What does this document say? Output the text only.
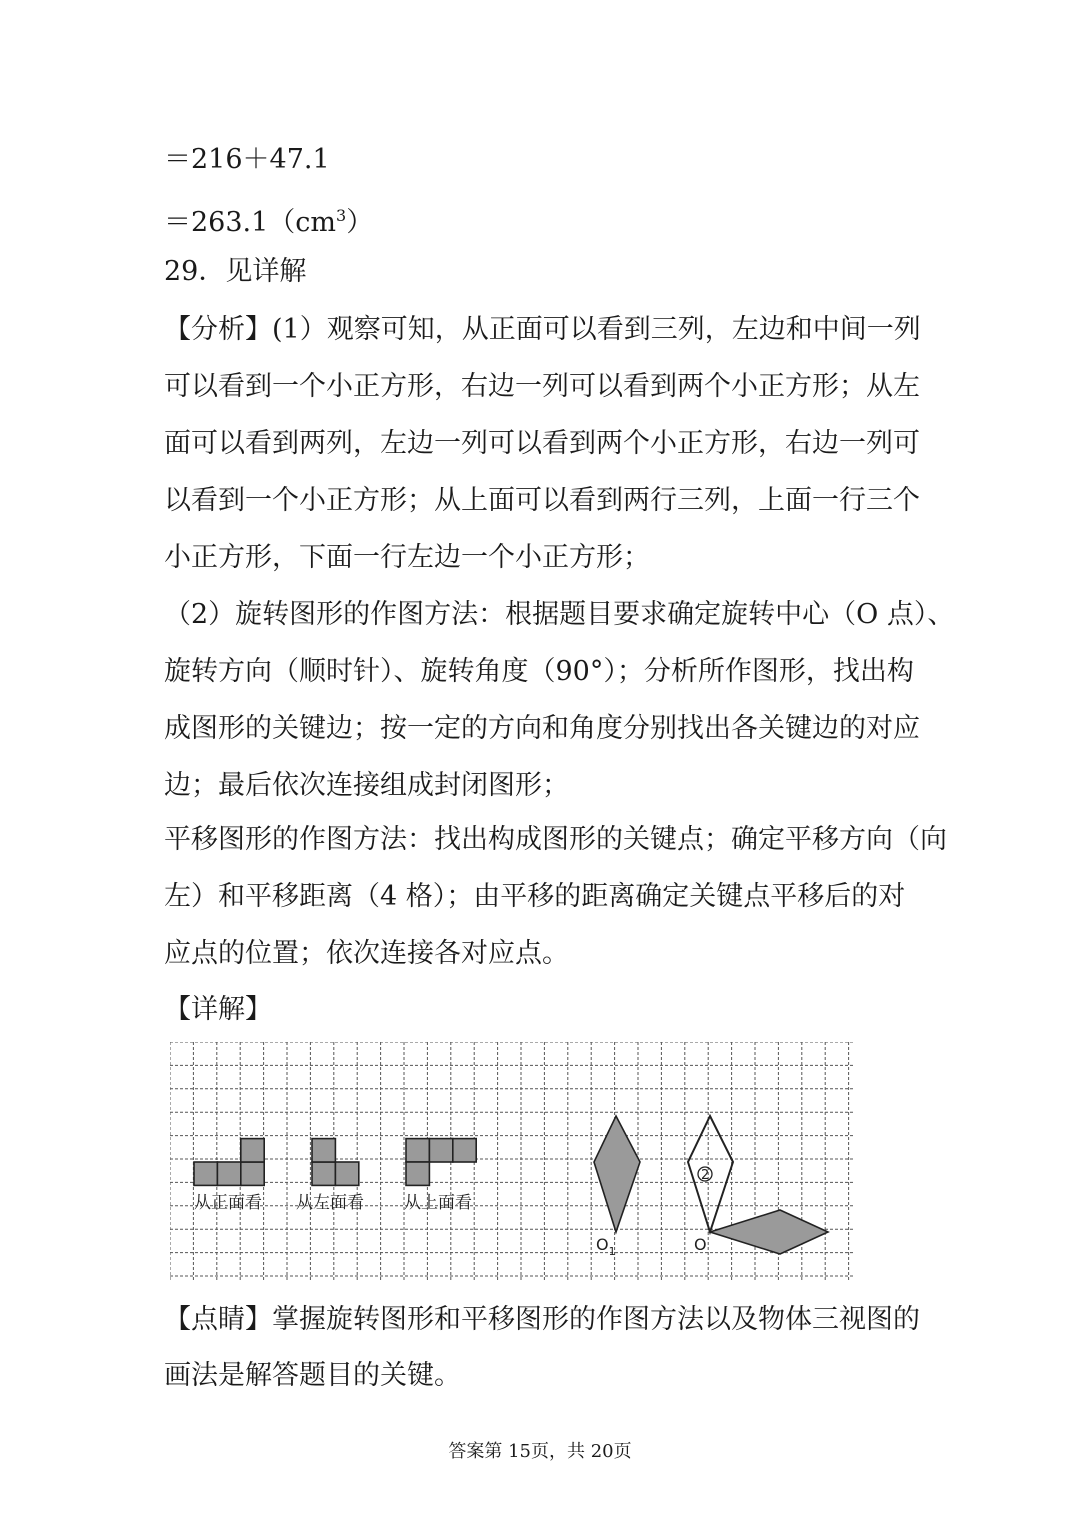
＝216＋47.1
$=263.1(cm^3)$
29．见详解
【分析】(1）观察可知，从正面可以看到三列，左边和中间一列
可以看到一个小正方形，右边一列可以看到两个小正方形；从左
面可以看到两列，左边一列可以看到两个小正方形，右边一列可
以看到一个小正方形；从上面可以看到两行三列，上面一行三个
小正方形，下面一行左边一个小正方形；
（2）旋转图形的作图方法：根据题目要求确定旋转中心（O 点）、
旋转方向（顺时针）、旋转角度（90°）；分析所作图形，找出构
成图形的关键边；按一定的方向和角度分别找出各关键边的对应
边；最后依次连接组成封闭图形；
平移图形的作图方法：找出构成图形的关键点；确定平移方向（向
左）和平移距离（4 格）；由平移的距离确定关键点平移后的对
应点的位置；依次连接各对应点。
【详解】
从正面看 从左面看 从上面看
2
$O_1$	O
【点睛】掌握旋转图形和平移图形的作图方法以及物体三视图的
画法是解答题目的关键。
答案第 15页，共 20页
